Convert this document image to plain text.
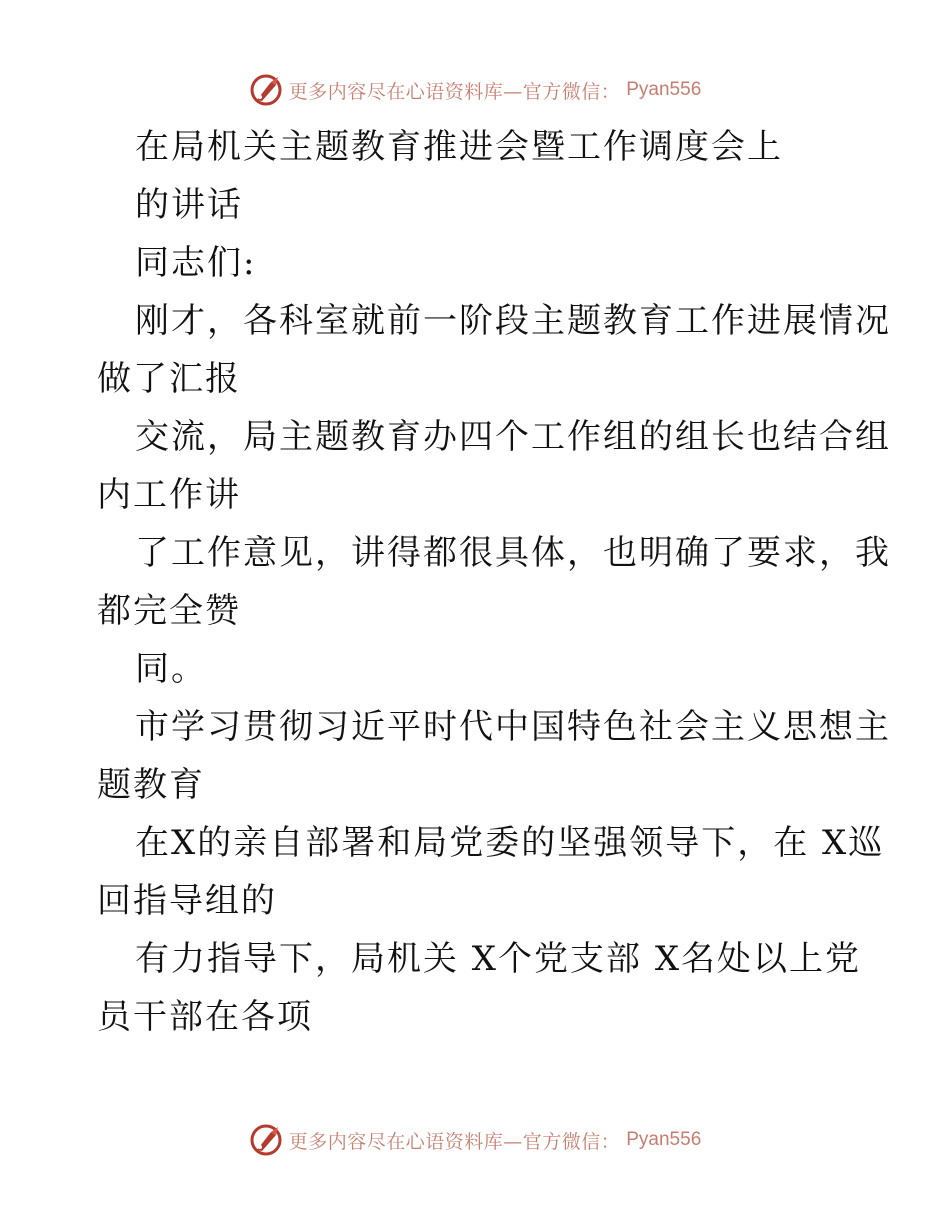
更多内容尽在心语资料库—官方微信： Pyan556
在局机关主题教育推进会暨工作调度会上
的讲话
同志们:
刚才，各科室就前一阶段主题教育工作进展情况
做了汇报
交流，局主题教育办四个工作组的组长也结合组
内工作讲
了工作意见，讲得都很具体，也明确了要求，我
都完全赞
同。
市学习贯彻习近平时代中国特色社会主义思想主
题教育
在X的亲自部署和局党委的坚强领导下，在 X巡
回指导组的
有力指导下，局机关 X个党支部 X名处以上党
员干部在各项
更多内容尽在心语资料库—官方微信： Pyan556
